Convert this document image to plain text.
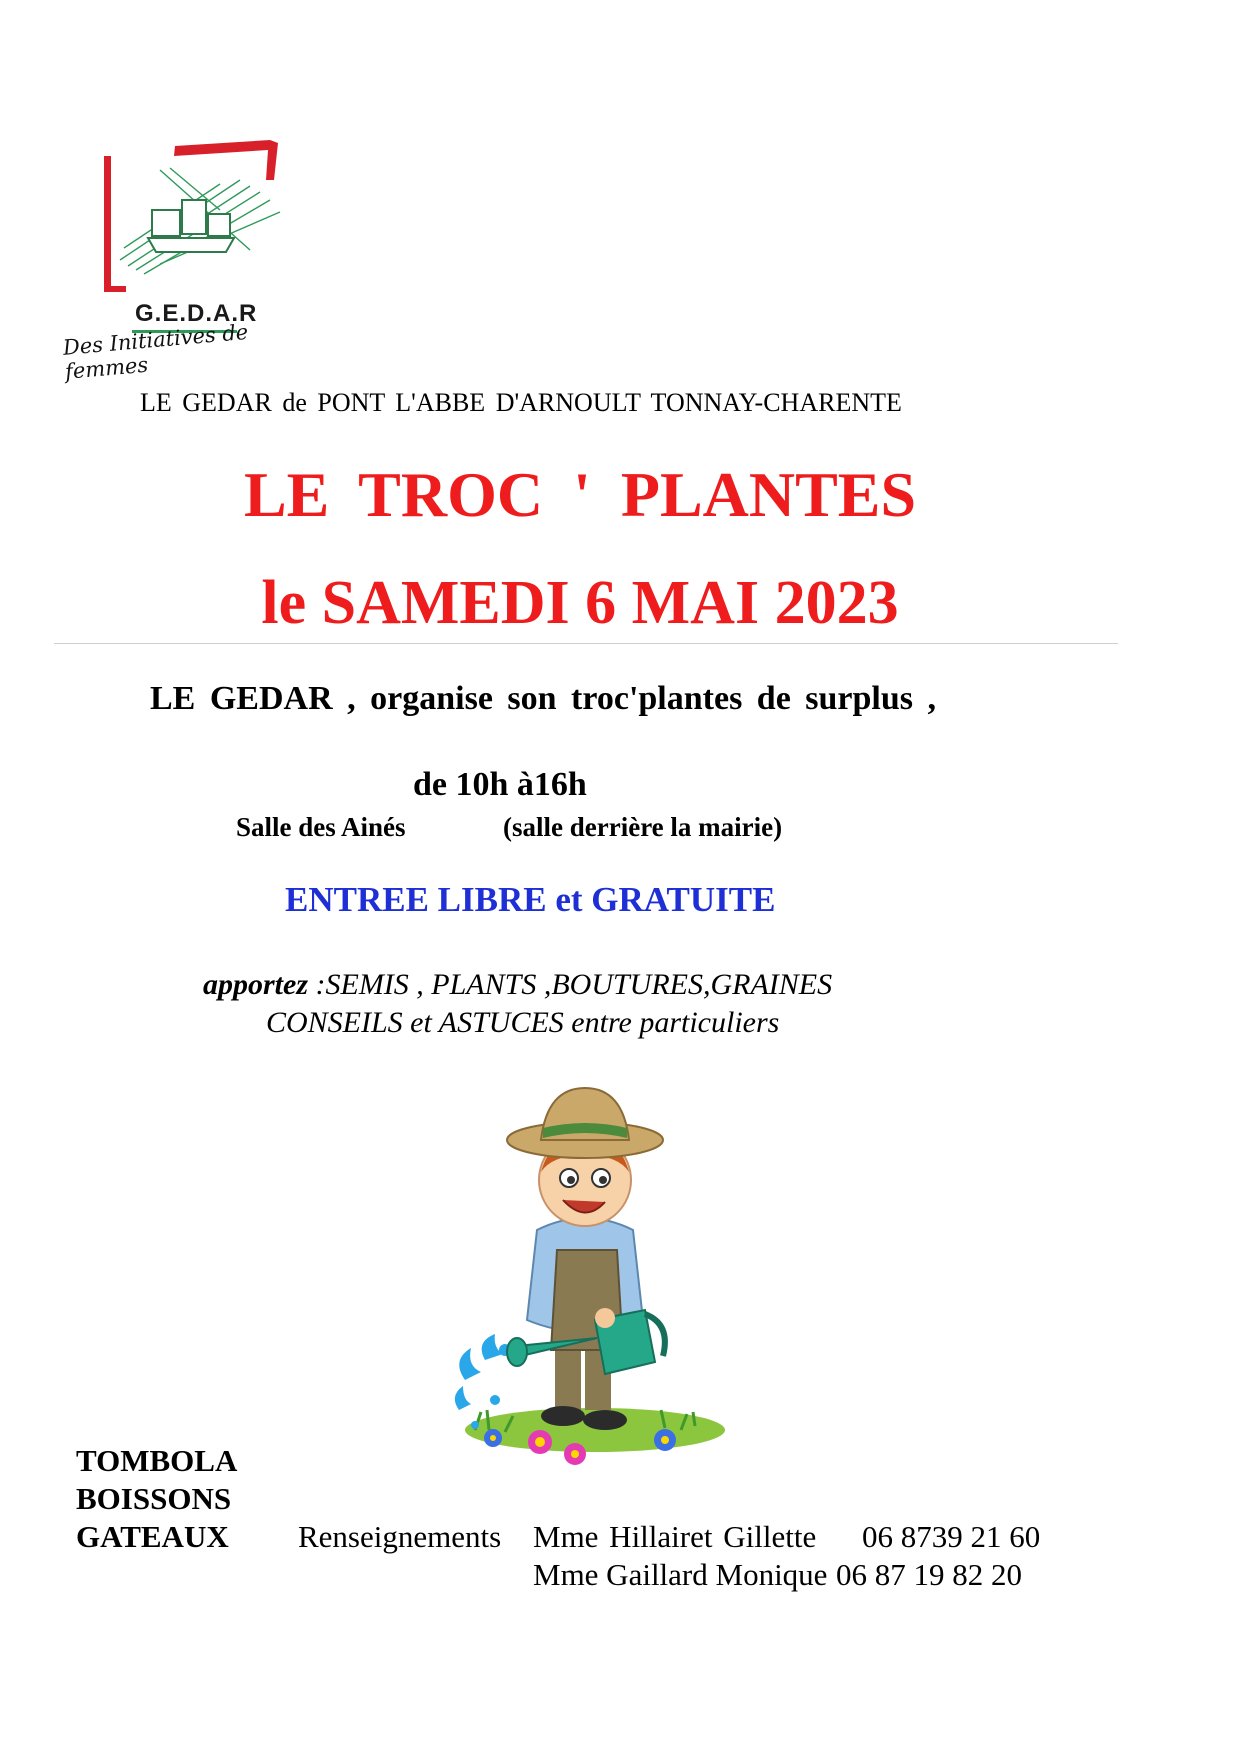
G.E.D.A.R
Des Initiatives de femmes
LE GEDAR de PONT L'ABBE D'ARNOULT TONNAY-CHARENTE
LE TROC ' PLANTES
le SAMEDI 6 MAI 2023
LE GEDAR , organise son troc'plantes de surplus ,
de 10h à16h
Salle des Ainés	(salle derrière la mairie)
ENTREE LIBRE et GRATUITE
apportez :SEMIS , PLANTS ,BOUTURES,GRAINES
CONSEILS et ASTUCES entre particuliers
TOMBOLA
BOISSONS
GATEAUX Renseignements Mme Hillairet Gillette 06 8739 21 60
Mme Gaillard Monique 06 87 19 82 20
